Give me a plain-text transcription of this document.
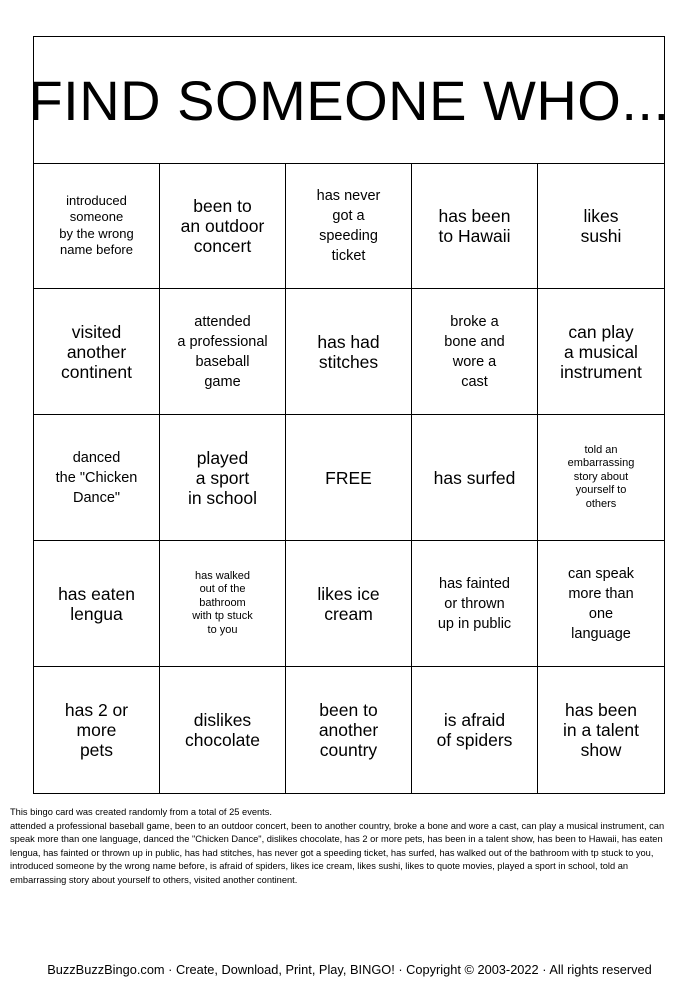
FIND SOMEONE WHO...
introduced
someone
by the wrong
name before
been to
an outdoor
concert
has never
got a
speeding
ticket
has been
to Hawaii
likes
sushi
visited
another
continent
attended
a professional
baseball
game
has had
stitches
broke a
bone and
wore a
cast
can play
a musical
instrument
danced
the "Chicken
Dance"
played
a sport
in school
FREE	has surfed
told an
embarrassing
story about
yourself to
others
has eaten
lengua
has walked
out of the
bathroom
with tp stuck
to you
likes ice
cream
has fainted
or thrown
up in public
can speak
more than
one
language
has 2 or
more
pets
dislikes
chocolate
been to
another
country
is afraid
of spiders
has been
in a talent
show

This bingo card was created randomly from a total of 25 events.

attended a professional baseball game, been to an outdoor concert, been to another country, broke a bone and wore a cast, can play a musical instrument, can speak more than one language, danced the "Chicken Dance", dislikes chocolate, has 2 or more pets, has been in a talent show, has been to Hawaii, has eaten lengua, has fainted or thrown up in public, has had stitches, has never got a speeding ticket, has surfed, has walked out of the bathroom with tp stuck to you, introduced someone by the wrong name before, is afraid of spiders, likes ice cream, likes sushi, likes to quote movies, played a sport in school, told an embarrassing story about yourself to others, visited another continent.

BuzzBuzzBingo.com · Create, Download, Print, Play, BINGO! · Copyright © 2003-2022 · All rights reserved
